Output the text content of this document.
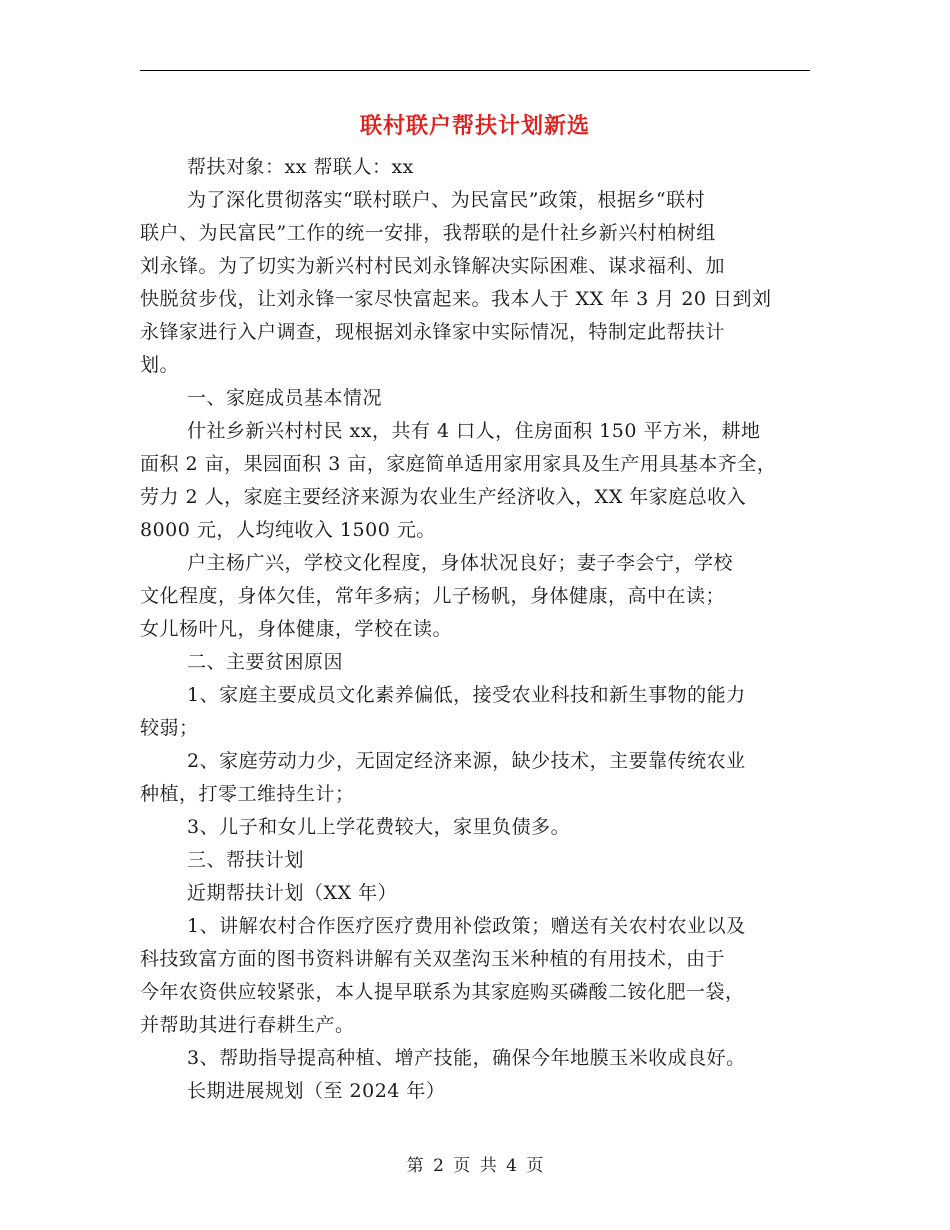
联村联户帮扶计划新选
帮扶对象：xx 帮联人：xx
为了深化贯彻落实“联村联户、为民富民”政策，根据乡“联村
联户、为民富民”工作的统一安排，我帮联的是什社乡新兴村柏树组
刘永锋。为了切实为新兴村村民刘永锋解决实际困难、谋求福利、加
快脱贫步伐，让刘永锋一家尽快富起来。我本人于 XX 年 3 月 20 日到刘
永锋家进行入户调查，现根据刘永锋家中实际情况，特制定此帮扶计
划。
一、家庭成员基本情况
什社乡新兴村村民 xx，共有 4 口人，住房面积 150 平方米，耕地
面积 2 亩，果园面积 3 亩，家庭简单适用家用家具及生产用具基本齐全，
劳力 2 人，家庭主要经济来源为农业生产经济收入，XX 年家庭总收入
8000 元，人均纯收入 1500 元。
户主杨广兴，学校文化程度，身体状况良好；妻子李会宁，学校
文化程度，身体欠佳，常年多病；儿子杨帆，身体健康，高中在读；
女儿杨叶凡，身体健康，学校在读。
二、主要贫困原因
1、家庭主要成员文化素养偏低，接受农业科技和新生事物的能力
较弱；
2、家庭劳动力少，无固定经济来源，缺少技术，主要靠传统农业
种植，打零工维持生计；
3、儿子和女儿上学花费较大，家里负债多。
三、帮扶计划
近期帮扶计划（XX 年）
1、讲解农村合作医疗医疗费用补偿政策；赠送有关农村农业以及
科技致富方面的图书资料讲解有关双垄沟玉米种植的有用技术，由于
今年农资供应较紧张，本人提早联系为其家庭购买磷酸二铵化肥一袋，
并帮助其进行春耕生产。
3、帮助指导提高种植、增产技能，确保今年地膜玉米收成良好。
长期进展规划（至 2024 年）
第 2 页 共 4 页
